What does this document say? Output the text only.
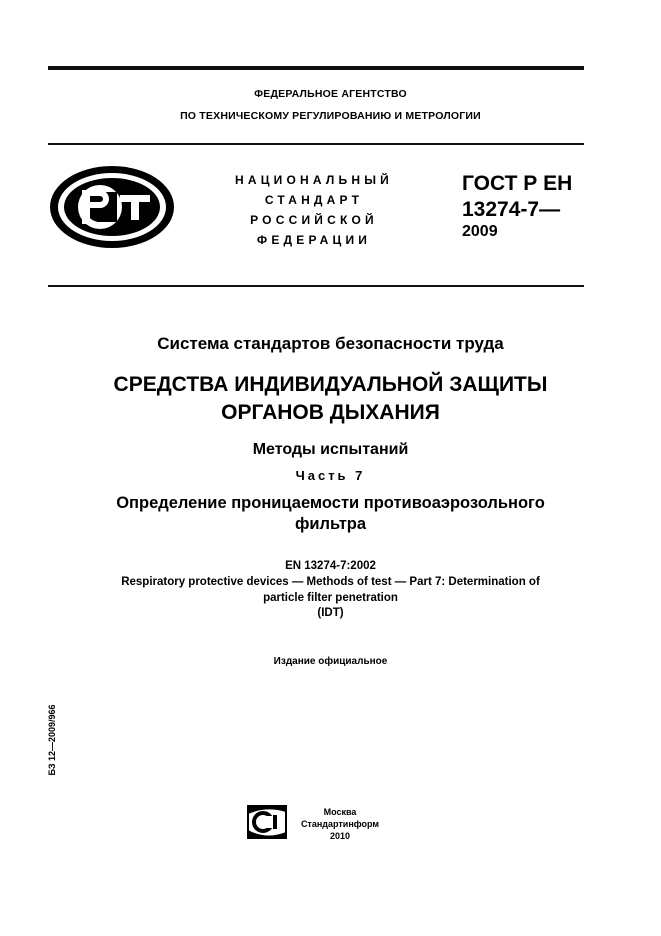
ФЕДЕРАЛЬНОЕ АГЕНТСТВО
ПО ТЕХНИЧЕСКОМУ РЕГУЛИРОВАНИЮ И МЕТРОЛОГИИ
НАЦИОНАЛЬНЫЙ
СТАНДАРТ
РОССИЙСКОЙ
ФЕДЕРАЦИИ
ГОСТ Р ЕН
13274-7—
2009
Система стандартов безопасности труда
СРЕДСТВА ИНДИВИДУАЛЬНОЙ ЗАЩИТЫ
ОРГАНОВ ДЫХАНИЯ
Методы испытаний
Часть 7
Определение проницаемости противоаэрозольного
фильтра
EN 13274-7:2002
Respiratory protective devices — Methods of test — Part 7: Determination of
particle filter penetration
(IDT)
Издание официальное
БЗ 12—2009/966
Москва
Стандартинформ
2010
